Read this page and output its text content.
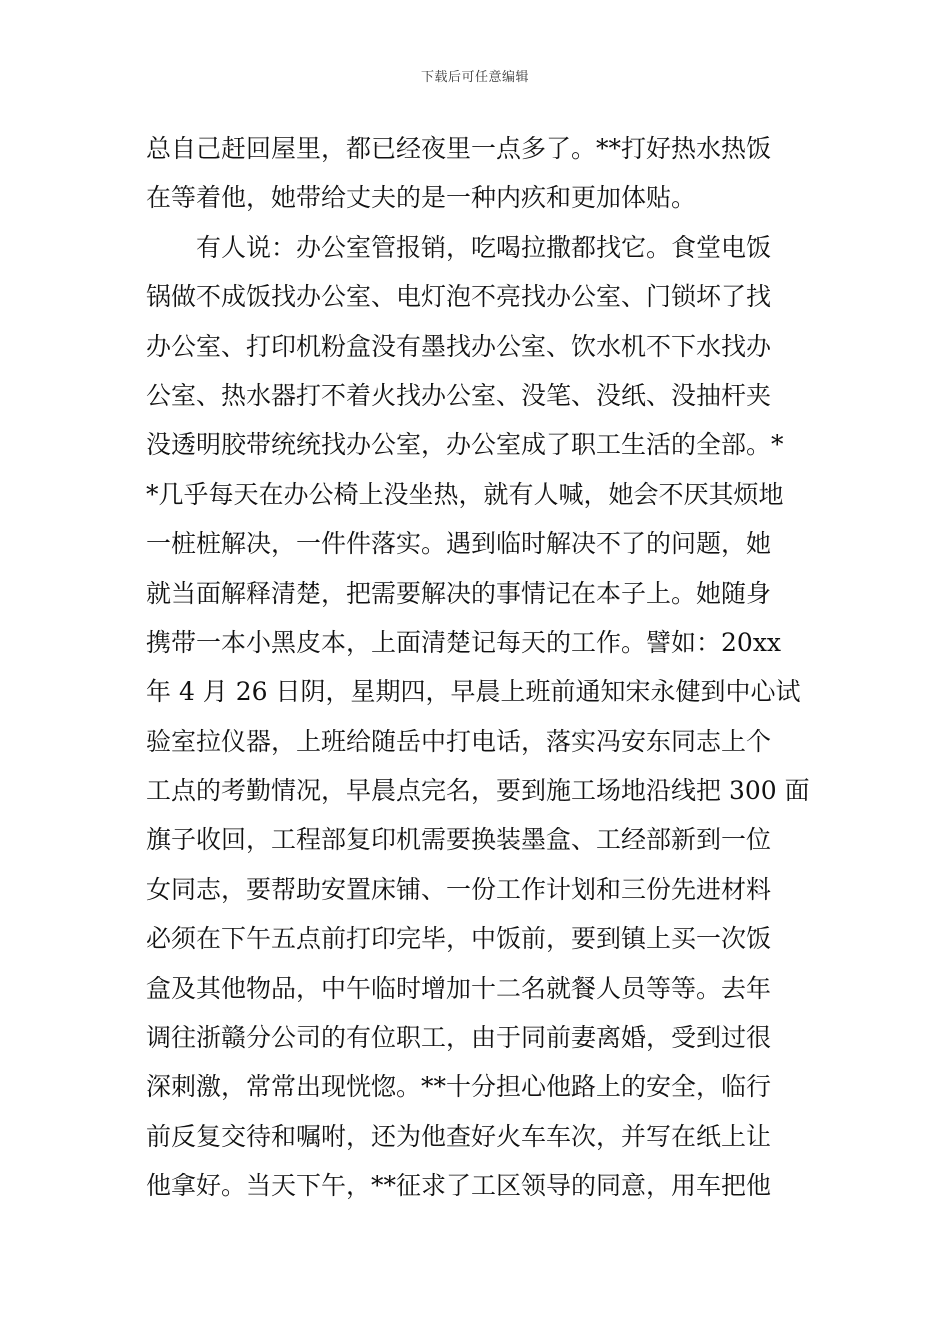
下载后可任意编辑
总自己赶回屋里，都已经夜里一点多了。**打好热水热饭
在等着他，她带给丈夫的是一种内疚和更加体贴。
　　有人说：办公室管报销，吃喝拉撒都找它。食堂电饭
锅做不成饭找办公室、电灯泡不亮找办公室、门锁坏了找
办公室、打印机粉盒没有墨找办公室、饮水机不下水找办
公室、热水器打不着火找办公室、没笔、没纸、没抽杆夹
没透明胶带统统找办公室，办公室成了职工生活的全部。*
*几乎每天在办公椅上没坐热，就有人喊，她会不厌其烦地
一桩桩解决，一件件落实。遇到临时解决不了的问题，她
就当面解释清楚，把需要解决的事情记在本子上。她随身
携带一本小黑皮本，上面清楚记每天的工作。譬如：20xx
年 4 月 26 日阴，星期四，早晨上班前通知宋永健到中心试
验室拉仪器，上班给随岳中打电话，落实冯安东同志上个
工点的考勤情况，早晨点完名，要到施工场地沿线把 300 面
旗子收回，工程部复印机需要换装墨盒、工经部新到一位
女同志，要帮助安置床铺、一份工作计划和三份先进材料
必须在下午五点前打印完毕，中饭前，要到镇上买一次饭
盒及其他物品，中午临时增加十二名就餐人员等等。去年
调往浙赣分公司的有位职工，由于同前妻离婚，受到过很
深刺激，常常出现恍惚。**十分担心他路上的安全，临行
前反复交待和嘱咐，还为他查好火车车次，并写在纸上让
他拿好。当天下午，**征求了工区领导的同意，用车把他
